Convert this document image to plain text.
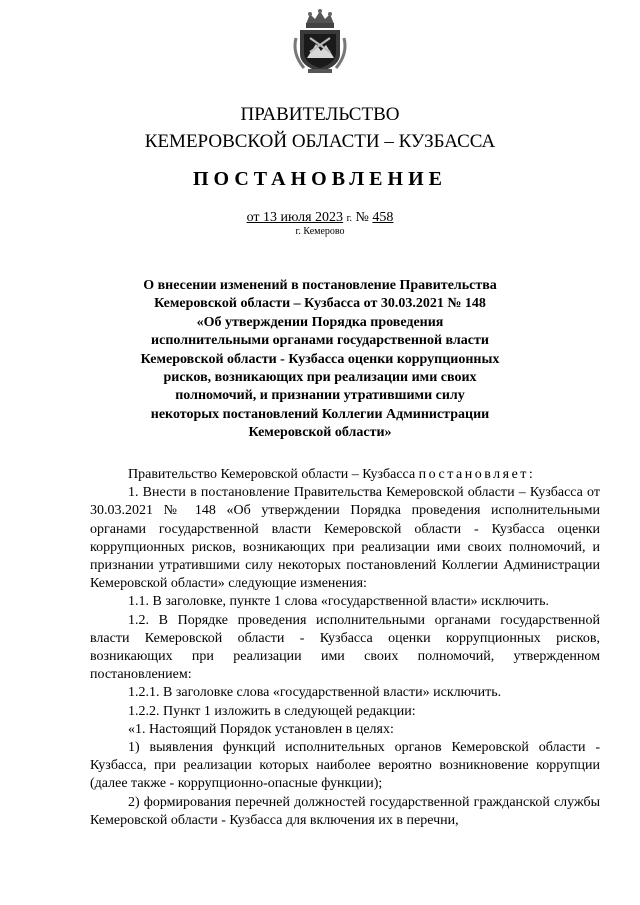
ПРАВИТЕЛЬСТВО
КЕМЕРОВСКОЙ ОБЛАСТИ – КУЗБАССА
ПОСТАНОВЛЕНИЕ
от 13 июля 2023 г. № 458
г. Кемерово
О внесении изменений в постановление Правительства Кемеровской области – Кузбасса от 30.03.2021 № 148 «Об утверждении Порядка проведения исполнительными органами государственной власти Кемеровской области - Кузбасса оценки коррупционных рисков, возникающих при реализации ими своих полномочий, и признании утратившими силу некоторых постановлений Коллегии Администрации Кемеровской области»

Правительство Кемеровской области – Кузбасса постановляет:

1. Внести в постановление Правительства Кемеровской области – Кузбасса от 30.03.2021 № 148 «Об утверждении Порядка проведения исполнительными органами государственной власти Кемеровской области - Кузбасса оценки коррупционных рисков, возникающих при реализации ими своих полномочий, и признании утратившими силу некоторых постановлений Коллегии Администрации Кемеровской области» следующие изменения:

1.1. В заголовке, пункте 1 слова «государственной власти» исключить.

1.2. В Порядке проведения исполнительными органами государственной власти Кемеровской области - Кузбасса оценки коррупционных рисков, возникающих при реализации ими своих полномочий, утвержденном постановлением:

1.2.1. В заголовке слова «государственной власти» исключить.

1.2.2. Пункт 1 изложить в следующей редакции:

«1. Настоящий Порядок установлен в целях:

1) выявления функций исполнительных органов Кемеровской области - Кузбасса, при реализации которых наиболее вероятно возникновение коррупции (далее также - коррупционно-опасные функции);

2) формирования перечней должностей государственной гражданской службы Кемеровской области - Кузбасса для включения их в перечни,
